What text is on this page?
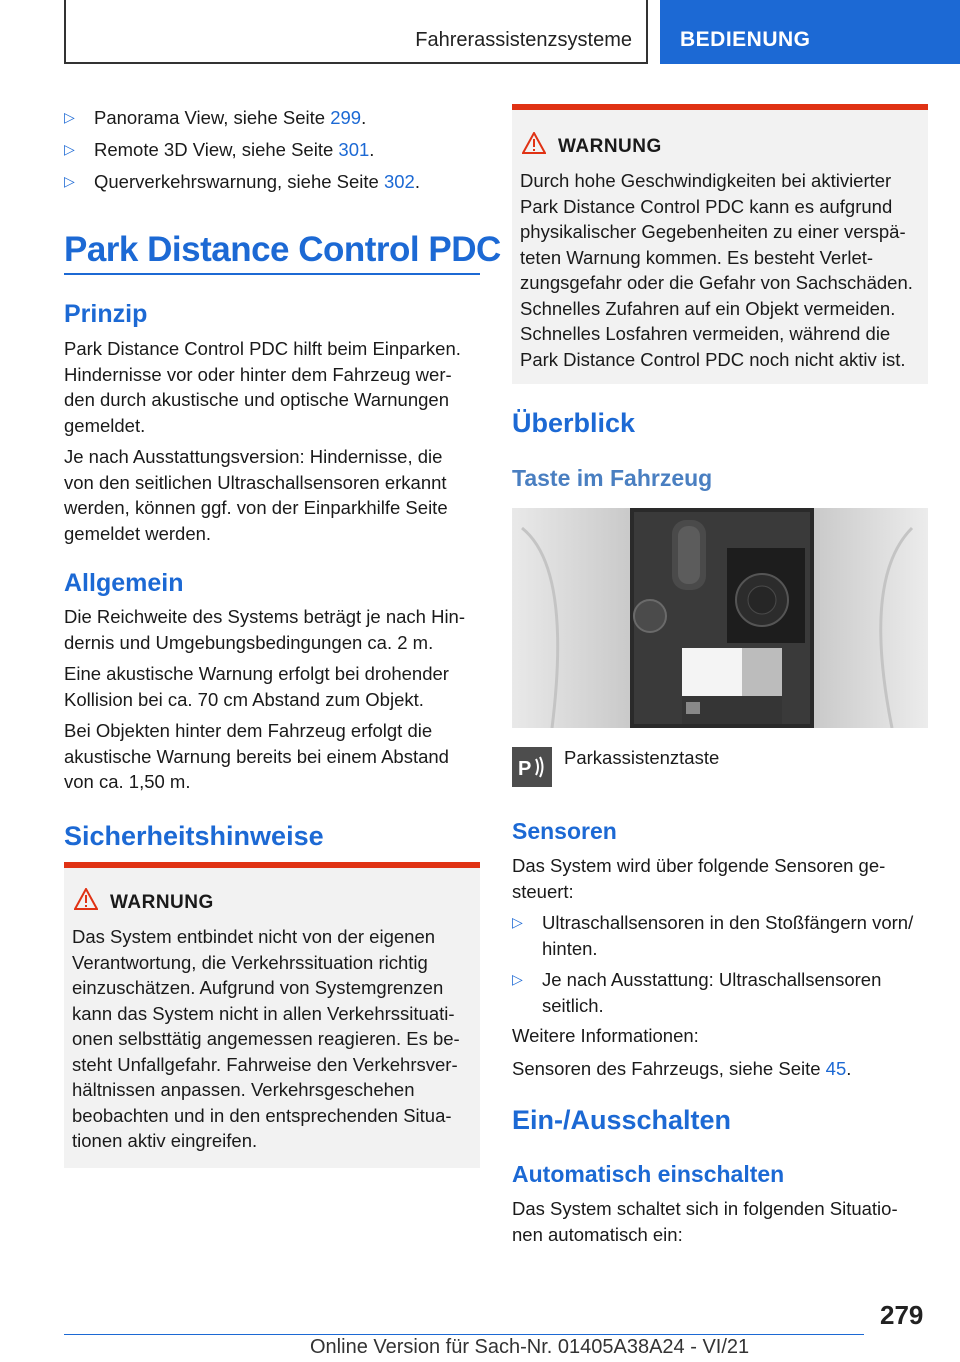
Fahrerassistenzsysteme BEDIENUNG
▷ Panorama View, siehe Seite 299.
▷ Remote 3D View, siehe Seite 301.
▷ Querverkehrswarnung, siehe Seite 302.
Park Distance Control PDC
Prinzip

Park Distance Control PDC hilft beim Einparken.

Hindernisse vor oder hinter dem Fahrzeug wer-

den durch akustische und optische Warnungen

gemeldet.

Je nach Ausstattungsversion: Hindernisse, die

von den seitlichen Ultraschallsensoren erkannt

werden, können ggf. von der Einparkhilfe Seite

gemeldet werden.

Allgemein

Die Reichweite des Systems beträgt je nach Hin-

dernis und Umgebungsbedingungen ca. 2 m.

Eine akustische Warnung erfolgt bei drohender

Kollision bei ca. 70 cm Abstand zum Objekt.

Bei Objekten hinter dem Fahrzeug erfolgt die

akustische Warnung bereits bei einem Abstand

von ca. 1,50 m.

Sicherheitshinweise
WARNUNG

Das System entbindet nicht von der eigenen

Verantwortung, die Verkehrssituation richtig

einzuschätzen. Aufgrund von Systemgrenzen

kann das System nicht in allen Verkehrssituati-

onen selbsttätig angemessen reagieren. Es be-

steht Unfallgefahr. Fahrweise den Verkehrsver-

hältnissen anpassen. Verkehrsgeschehen

beobachten und in den entsprechenden Situa-

tionen aktiv eingreifen.

WARNUNG

Durch hohe Geschwindigkeiten bei aktivierter

Park Distance Control PDC kann es aufgrund

physikalischer Gegebenheiten zu einer verspä-

teten Warnung kommen. Es besteht Verlet-

zungsgefahr oder die Gefahr von Sachschäden.

Schnelles Zufahren auf ein Objekt vermeiden.

Schnelles Losfahren vermeiden, während die

Park Distance Control PDC noch nicht aktiv ist.

Überblick
Taste im Fahrzeug
P
Parkassistenztaste
Sensoren

Das System wird über folgende Sensoren ge-

steuert:

▷ Ultraschallsensoren in den Stoßfängern vorn/
hinten.
▷ Je nach Ausstattung: Ultraschallsensoren
seitlich.

Weitere Informationen:

Sensoren des Fahrzeugs, siehe Seite 45.

Ein-/Ausschalten
Automatisch einschalten

Das System schaltet sich in folgenden Situatio-

nen automatisch ein:

279
Online Version für Sach-Nr. 01405A38A24 - VI/21
